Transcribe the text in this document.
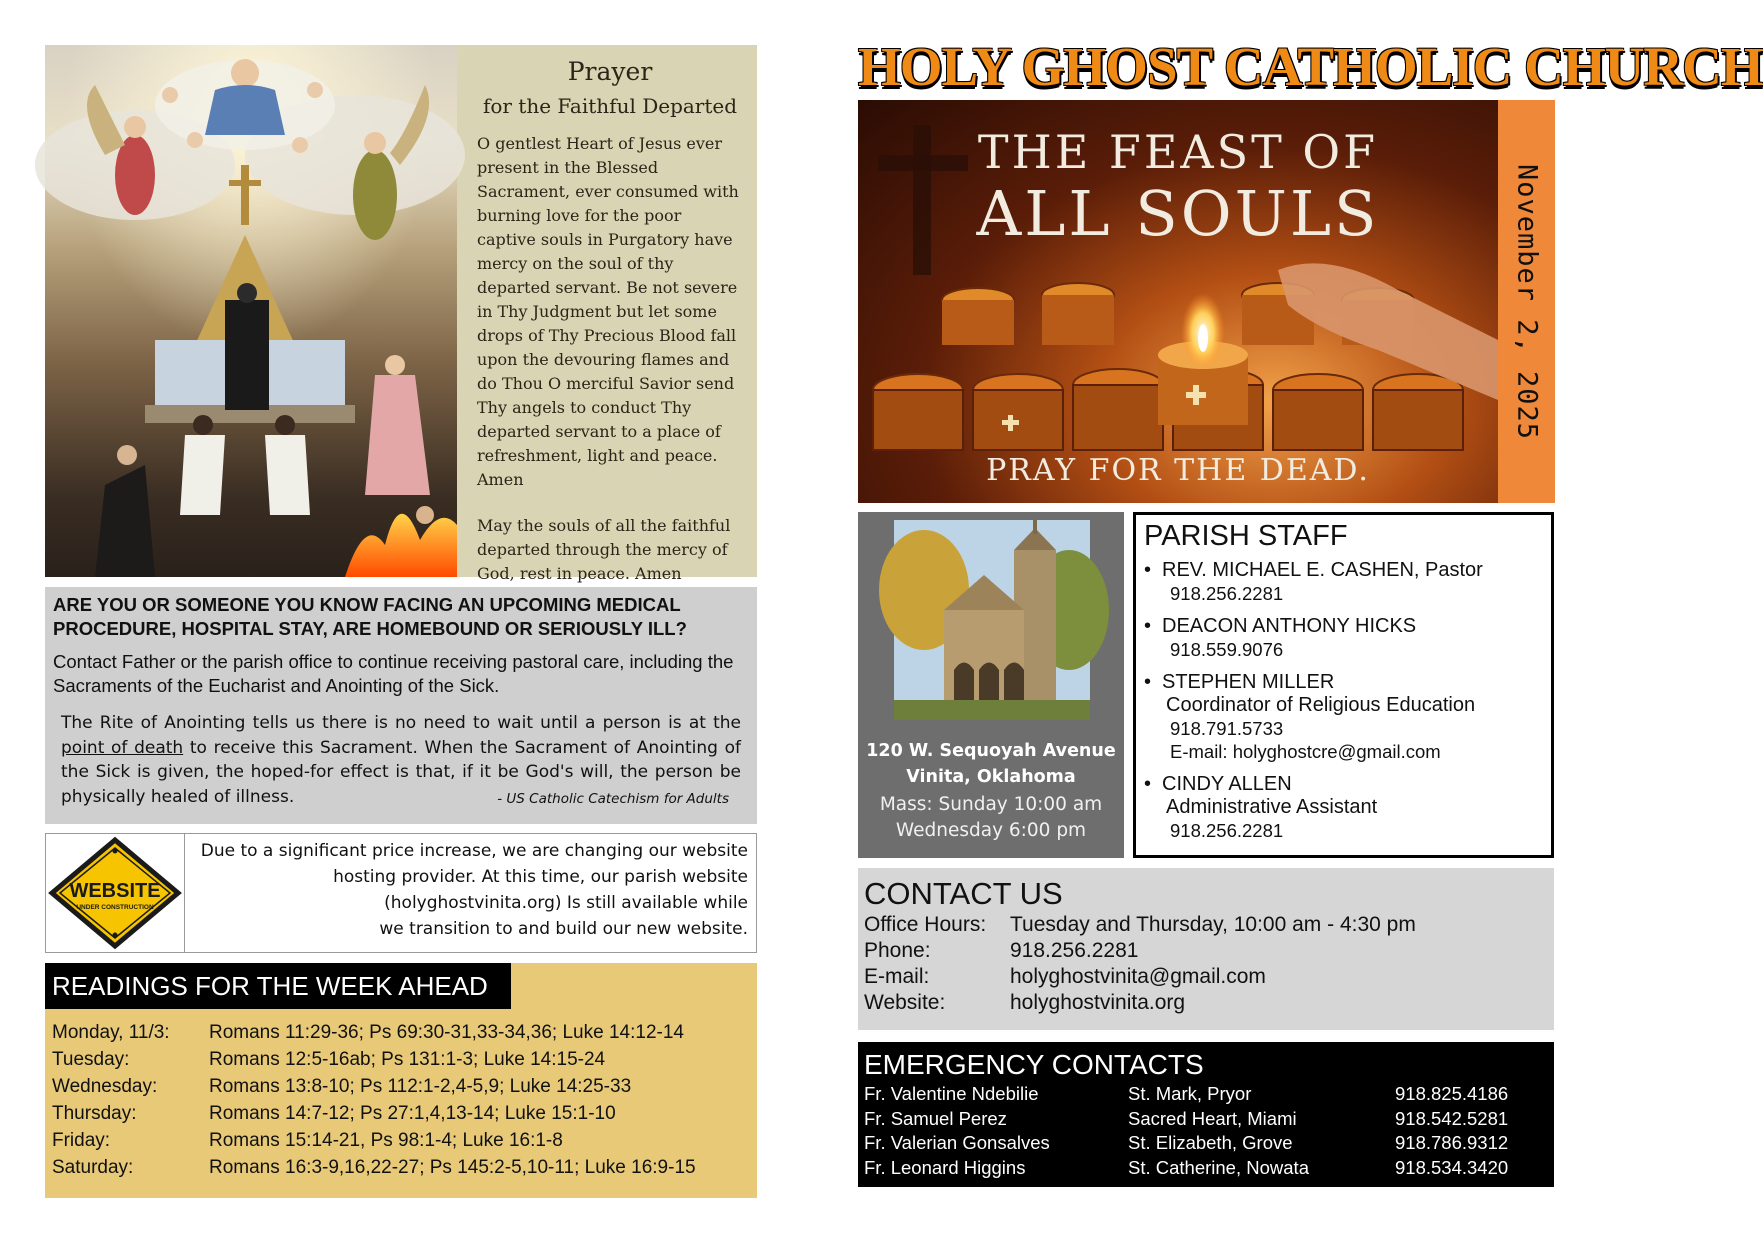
Prayer
for the Faithful Departed
O gentlest Heart of Jesus ever present in the Blessed Sacrament, ever consumed with burning love for the poor captive souls in Purgatory have mercy on the soul of thy departed servant. Be not severe in Thy Judgment but let some drops of Thy Precious Blood fall upon the devouring flames and do Thou O merciful Savior send Thy angels to conduct Thy departed servant to a place of refreshment, light and peace. Amen
May the souls of all the faithful departed through the mercy of God, rest in peace. Amen
ARE YOU OR SOMEONE YOU KNOW FACING AN UPCOMING MEDICAL PROCEDURE, HOSPITAL STAY, ARE HOMEBOUND OR SERIOUSLY ILL?
Contact Father or the parish office to continue receiving pastoral care, including the Sacraments of the Eucharist and Anointing of the Sick.
The Rite of Anointing tells us there is no need to wait until a person is at the point of death to receive this Sacrament. When the Sacrament of Anointing of the Sick is given, the hoped-for effect is that, if it be God's will, the person be physically healed of illness.	- US Catholic Catechism for Adults
WEBSITE
UNDER CONSTRUCTION
Due to a significant price increase, we are changing our website
hosting provider. At this time, our parish website
(holyghostvinita.org) Is still available while
we transition to and build our new website.
READINGS FOR THE WEEK AHEAD
Monday, 11/3:	Romans 11:29-36; Ps 69:30-31,33-34,36; Luke 14:12-14
Tuesday:	Romans 12:5-16ab; Ps 131:1-3; Luke 14:15-24
Wednesday:	Romans 13:8-10; Ps 112:1-2,4-5,9; Luke 14:25-33
Thursday:	Romans 14:7-12; Ps 27:1,4,13-14; Luke 15:1-10
Friday:	Romans 15:14-21, Ps 98:1-4; Luke 16:1-8
Saturday:	Romans 16:3-9,16,22-27; Ps 145:2-5,10-11; Luke 16:9-15
HOLY GHOST CATHOLIC CHURCH
THE FEAST OF
ALL SOULS
PRAY FOR THE DEAD.
November 2, 2025
120 W. Sequoyah Avenue
Vinita, Oklahoma
Mass: Sunday 10:00 am
Wednesday 6:00 pm
PARISH STAFF
• REV. MICHAEL E. CASHEN, Pastor
918.256.2281
• DEACON ANTHONY HICKS
918.559.9076
• STEPHEN MILLER
Coordinator of Religious Education
918.791.5733
E-mail: holyghostcre@gmail.com
• CINDY ALLEN
Administrative Assistant
918.256.2281
CONTACT US
Office Hours:	Tuesday and Thursday, 10:00 am - 4:30 pm
Phone:	918.256.2281
E-mail:	holyghostvinita@gmail.com
Website:	holyghostvinita.org
EMERGENCY CONTACTS
Fr. Valentine Ndebilie	St. Mark, Pryor	918.825.4186
Fr. Samuel Perez	Sacred Heart, Miami	918.542.5281
Fr. Valerian Gonsalves	St. Elizabeth, Grove	918.786.9312
Fr. Leonard Higgins	St. Catherine, Nowata	918.534.3420
